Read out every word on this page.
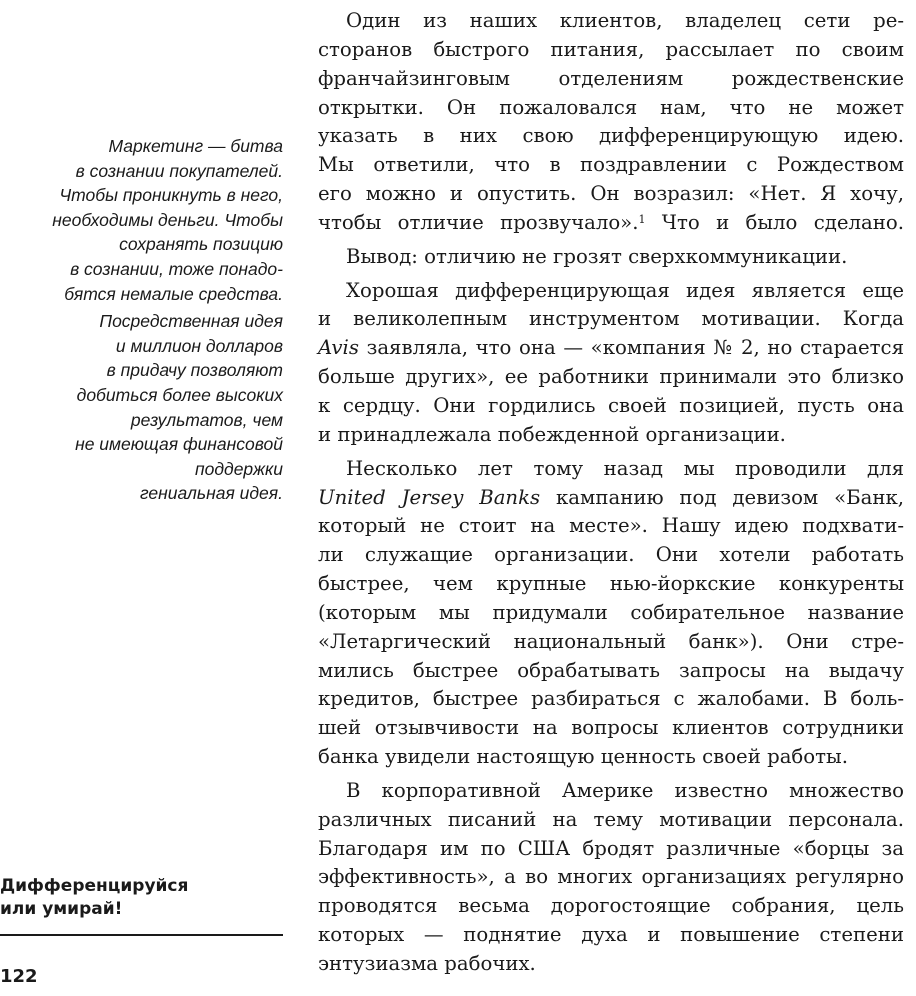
Маркетинг — битва
в сознании покупателей.
Чтобы проникнуть в него,
необходимы деньги. Чтобы
сохранять позицию
в сознании, тоже понадо-
бятся немалые средства.

Посредственная идея
и миллион долларов
в придачу позволяют
добиться более высоких
результатов, чем
не имеющая финансовой
поддержки
гениальная идея.

Один из наших клиентов, владелец сети ре-
сторанов быстрого питания, рассылает по своим
франчайзинговым отделениям рождественские
открытки. Он пожаловался нам, что не может
указать в них свою дифференцирующую идею.
Мы ответили, что в поздравлении с Рождеством
его можно и опустить. Он возразил: «Нет. Я хочу,
чтобы отличие прозвучало».$^1$ Что и было сделано.

Вывод: отличию не грозят сверхкоммуникации.

Хорошая дифференцирующая идея является еще
и великолепным инструментом мотивации. Когда
Avis заявляла, что она — «компания № 2, но старается
больше других», ее работники принимали это близко
к сердцу. Они гордились своей позицией, пусть она
и принадлежала побежденной организации.

Несколько лет тому назад мы проводили для
United Jersey Banks кампанию под девизом «Банк,
который не стоит на месте». Нашу идею подхвати-
ли служащие организации. Они хотели работать
быстрее, чем крупные нью-йоркские конкуренты
(которым мы придумали собирательное название
«Летаргический национальный банк»). Они стре-
мились быстрее обрабатывать запросы на выдачу
кредитов, быстрее разбираться с жалобами. В боль-
шей отзывчивости на вопросы клиентов сотрудники
банка увидели настоящую ценность своей работы.

В корпоративной Америке известно множество
различных писаний на тему мотивации персонала.
Благодаря им по США бродят различные «борцы за
эффективность», а во многих организациях регулярно
проводятся весьма дорогостоящие собрания, цель
которых — поднятие духа и повышение степени
энтузиазма рабочих.

Дифференцируйся
или умирай!
122
